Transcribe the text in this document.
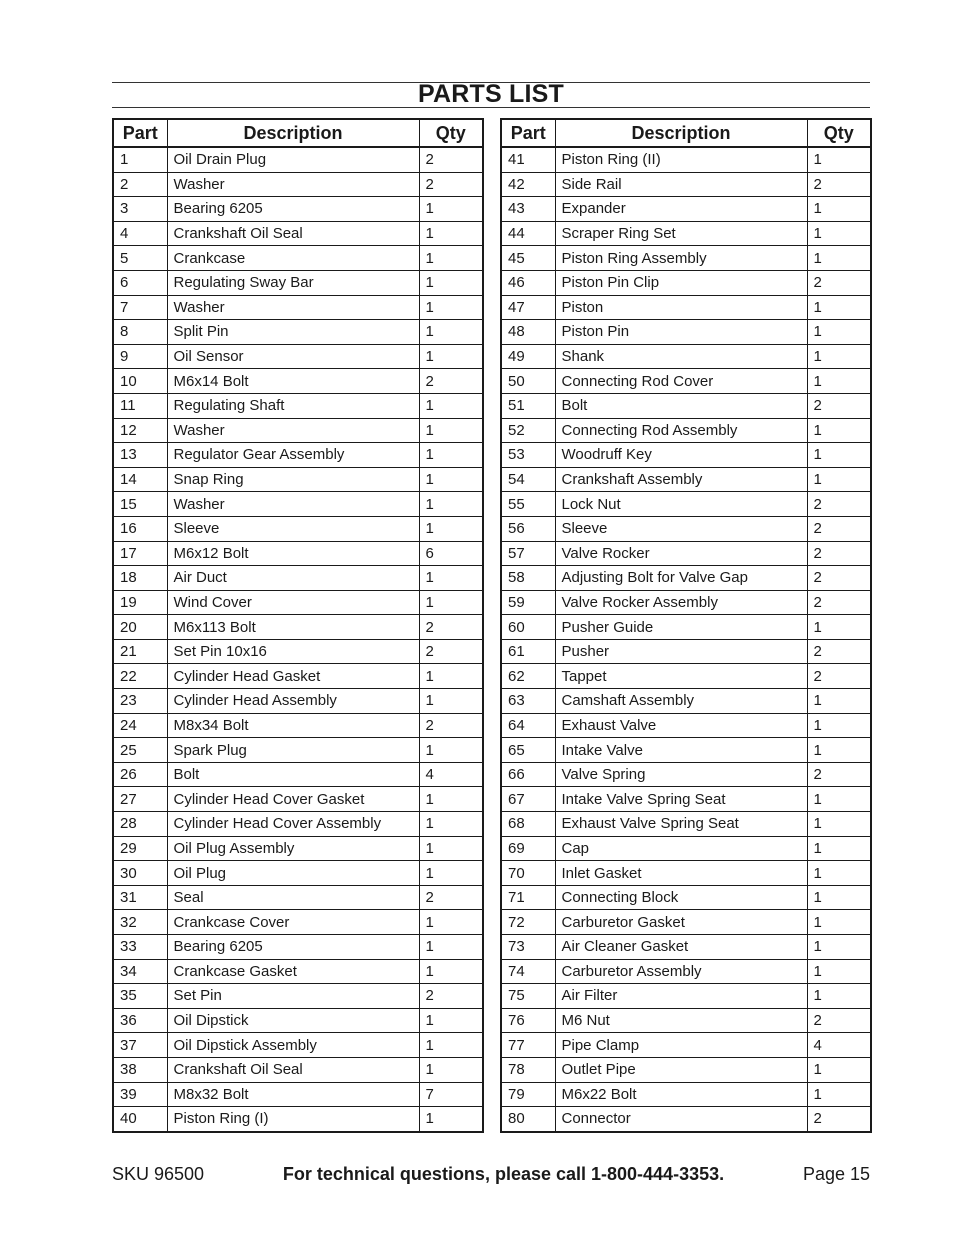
PARTS LIST
Part	Description	Qty
1	Oil Drain Plug	2
2	Washer	2
3	Bearing 6205	1
4	Crankshaft Oil Seal	1
5	Crankcase	1
6	Regulating Sway Bar	1
7	Washer	1
8	Split Pin	1
9	Oil Sensor	1
10	M6x14 Bolt	2
11	Regulating Shaft	1
12	Washer	1
13	Regulator Gear Assembly	1
14	Snap Ring	1
15	Washer	1
16	Sleeve	1
17	M6x12 Bolt	6
18	Air Duct	1
19	Wind Cover	1
20	M6x113 Bolt	2
21	Set Pin 10x16	2
22	Cylinder Head Gasket	1
23	Cylinder Head Assembly	1
24	M8x34 Bolt	2
25	Spark Plug	1
26	Bolt	4
27	Cylinder Head Cover Gasket	1
28	Cylinder Head Cover Assembly	1
29	Oil Plug Assembly	1
30	Oil Plug	1
31	Seal	2
32	Crankcase Cover	1
33	Bearing 6205	1
34	Crankcase Gasket	1
35	Set Pin	2
36	Oil Dipstick	1
37	Oil Dipstick Assembly	1
38	Crankshaft Oil Seal	1
39	M8x32 Bolt	7
40	Piston Ring (I)	1
Part	Description	Qty
41	Piston Ring (II)	1
42	Side Rail	2
43	Expander	1
44	Scraper Ring Set	1
45	Piston Ring Assembly	1
46	Piston Pin Clip	2
47	Piston	1
48	Piston Pin	1
49	Shank	1
50	Connecting Rod Cover	1
51	Bolt	2
52	Connecting Rod Assembly	1
53	Woodruff Key	1
54	Crankshaft Assembly	1
55	Lock Nut	2
56	Sleeve	2
57	Valve Rocker	2
58	Adjusting Bolt for Valve Gap	2
59	Valve Rocker Assembly	2
60	Pusher Guide	1
61	Pusher	2
62	Tappet	2
63	Camshaft Assembly	1
64	Exhaust Valve	1
65	Intake Valve	1
66	Valve Spring	2
67	Intake Valve Spring Seat	1
68	Exhaust Valve Spring Seat	1
69	Cap	1
70	Inlet Gasket	1
71	Connecting Block	1
72	Carburetor Gasket	1
73	Air Cleaner Gasket	1
74	Carburetor Assembly	1
75	Air Filter	1
76	M6 Nut	2
77	Pipe Clamp	4
78	Outlet Pipe	1
79	M6x22 Bolt	1
80	Connector	2
SKU 96500	For technical questions, please call 1-800-444-3353.	Page 15
